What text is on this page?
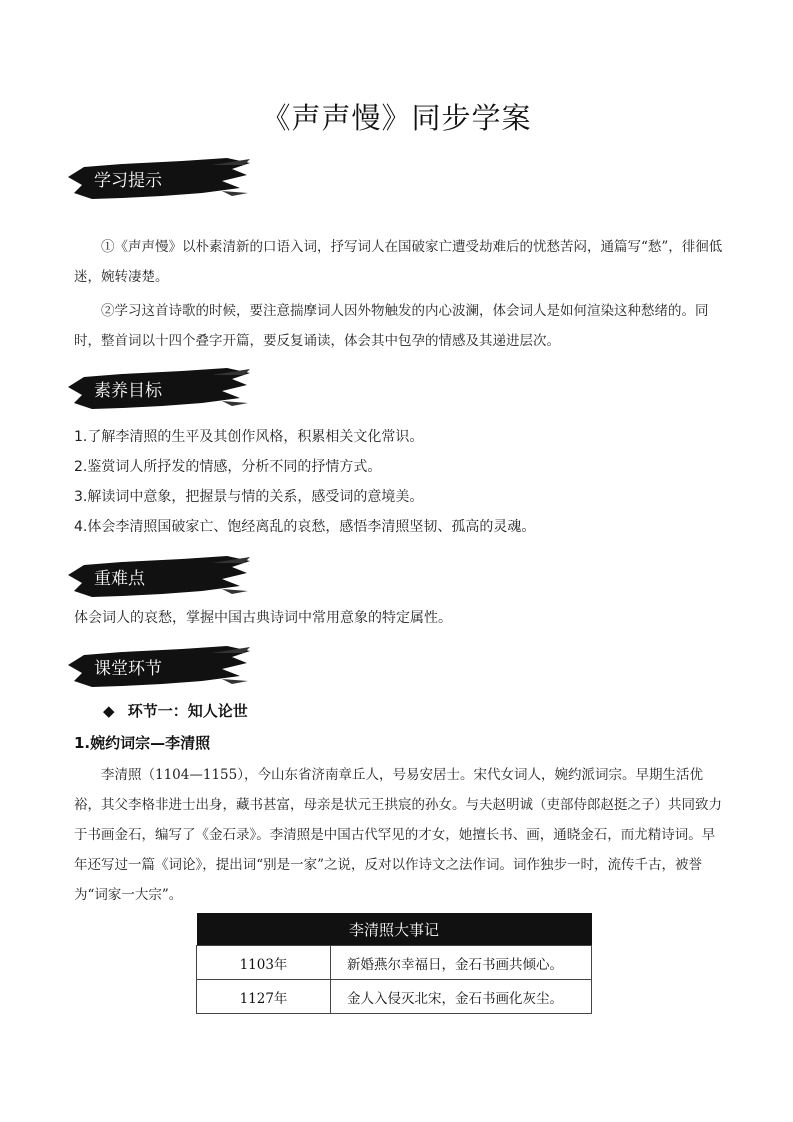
《声声慢》同步学案
学习提示
①《声声慢》以朴素清新的口语入词，抒写词人在国破家亡遭受劫难后的忧愁苦闷，通篇写“愁”，徘徊低迷，婉转凄楚。
②学习这首诗歌的时候，要注意揣摩词人因外物触发的内心波澜，体会词人是如何渲染这种愁绪的。同时，整首词以十四个叠字开篇，要反复诵读，体会其中包孕的情感及其递进层次。
素养目标
1.了解李清照的生平及其创作风格，积累相关文化常识。
2.鉴赏词人所抒发的情感，分析不同的抒情方式。
3.解读词中意象，把握景与情的关系，感受词的意境美。
4.体会李清照国破家亡、饱经离乱的哀愁，感悟李清照坚韧、孤高的灵魂。
重难点
体会词人的哀愁，掌握中国古典诗词中常用意象的特定属性。
课堂环节
◆ 环节一：知人论世
1.婉约词宗—李清照
李清照（1104—1155），今山东省济南章丘人，号易安居士。宋代女词人，婉约派词宗。早期生活优裕，其父李格非进士出身，藏书甚富，母亲是状元王拱宸的孙女。与夫赵明诚（吏部侍郎赵挺之子）共同致力于书画金石，编写了《金石录》。李清照是中国古代罕见的才女，她擅长书、画，通晓金石，而尤精诗词。早年还写过一篇《词论》，提出词“别是一家”之说，反对以作诗文之法作词。词作独步一时，流传千古，被誉为“词家一大宗”。
李清照大事记	
1103年	新婚燕尔幸福日，金石书画共倾心。
1127年	金人入侵灭北宋，金石书画化灰尘。
